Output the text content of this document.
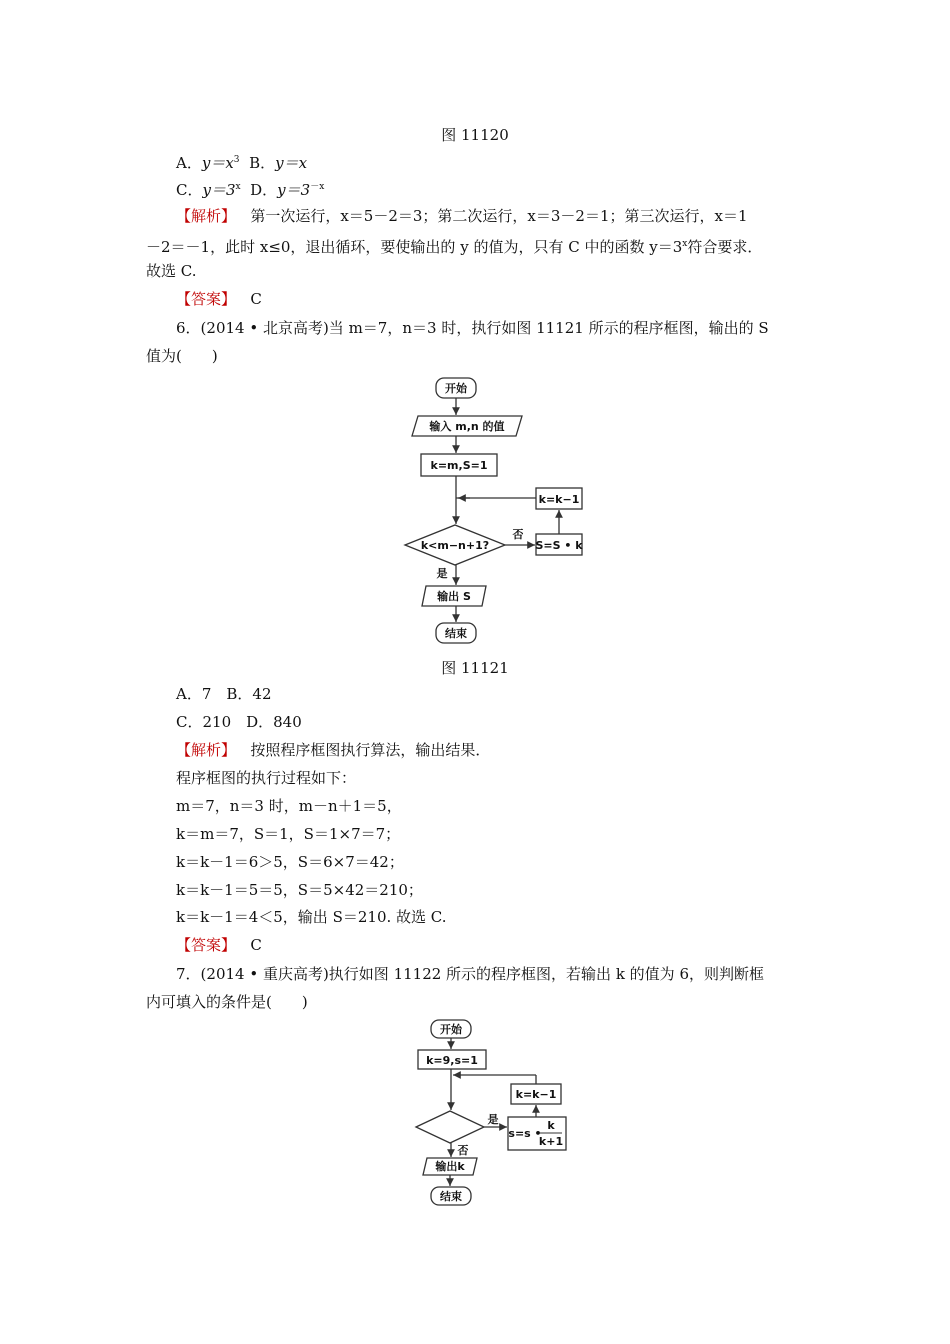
图 11120
A．$y=x^3$ B．y＝x
C．$y=3^x$ D．$y=3^{-x}$
【解析】 第一次运行，x＝5－2＝3；第二次运行，x＝3－2＝1；第三次运行，x＝1
－2＝－1，此时 x≤0，退出循环，要使输出的 y 的值为，只有 C 中的函数 $y=3^x$符合要求．
故选 C.
【答案】 C
6．(2014 • 北京高考)当 m＝7，n＝3 时，执行如图 11121 所示的程序框图，输出的 S
值为(　　)
开始
输入 m,n 的值
k=m,S=1
k=k−1
k<m−n+1?
否
S=S • k
是
输出 S
结束
图 11121
A．7　B．42
C．210　D．840
【解析】 按照程序框图执行算法，输出结果．
程序框图的执行过程如下：
m＝7，n＝3 时，m－n＋1＝5，
k＝m＝7，S＝1，S＝1×7＝7；
k＝k－1＝6＞5，S＝6×7＝42；
k＝k－1＝5＝5，S＝5×42＝210；
k＝k－1＝4＜5，输出 S＝210. 故选 C.
【答案】 C
7．(2014 • 重庆高考)执行如图 11122 所示的程序框图，若输出 k 的值为 6，则判断框
内可填入的条件是(　　)
开始
k=9,s=1
k=k−1
是
s=s •
k
k+1
否
输出k
结束
